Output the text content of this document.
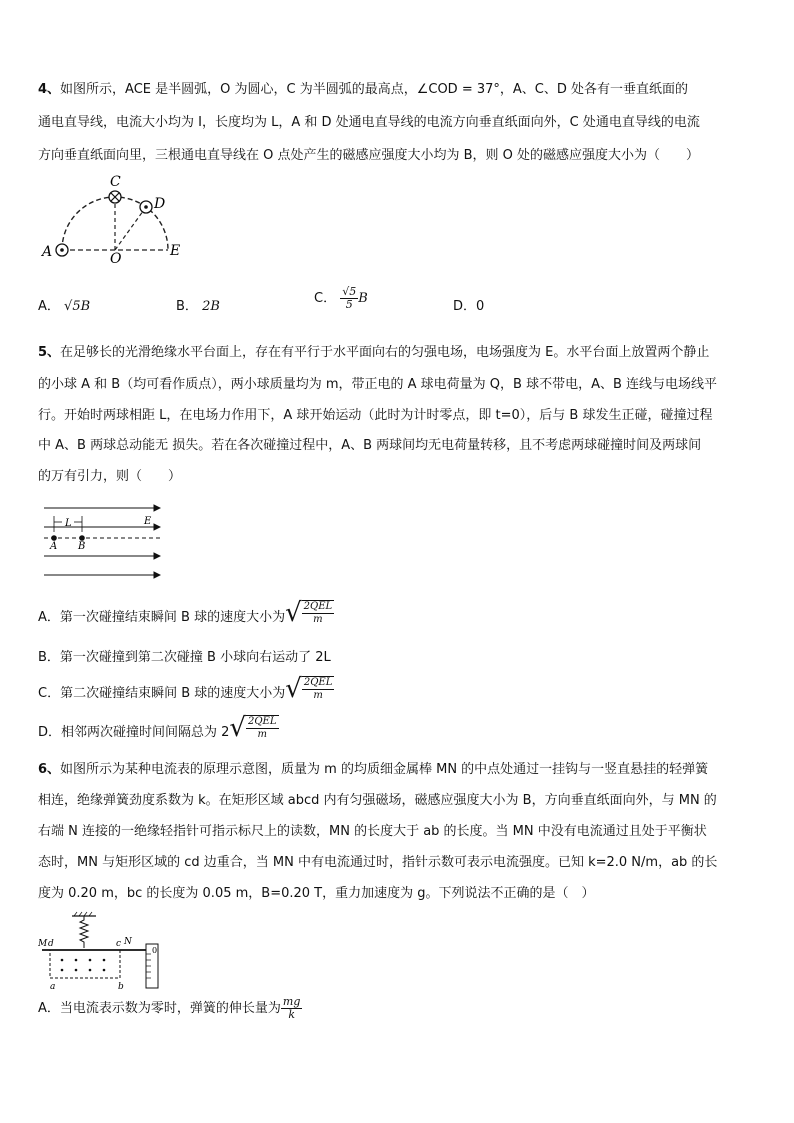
4、如图所示，ACE 是半圆弧，O 为圆心，C 为半圆弧的最高点，∠COD = 37°，A、C、D 处各有一垂直纸面的
通电直导线，电流大小均为 I，长度均为 L，A 和 D 处通电直导线的电流方向垂直纸面向外，C 处通电直导线的电流
方向垂直纸面向里，三根通电直导线在 O 点处产生的磁感应强度大小均为 B，则 O 处的磁感应强度大小为（　　）
C
D
A	O	E
A． √5B	B． 2B
C． $\frac{√5}{5}$ B
D．0
5、在足够长的光滑绝缘水平台面上，存在有平行于水平面向右的匀强电场，电场强度为 E。水平台面上放置两个静止
的小球 A 和 B（均可看作质点），两小球质量均为 m，带正电的 A 球电荷量为 Q，B 球不带电，A、B 连线与电场线平
行。开始时两球相距 L，在电场力作用下，A 球开始运动（此时为计时零点，即 t=0），后与 B 球发生正碰，碰撞过程
中 A、B 两球总动能无 损失。若在各次碰撞过程中，A、B 两球间均无电荷量转移，且不考虑两球碰撞时间及两球间
的万有引力，则（　　）
L	E
A B
A．第一次碰撞结束瞬间 B 球的速度大小为 √ $\frac{\text{2QEL}}{m}$
B．第一次碰撞到第二次碰撞 B 小球向右运动了 2L
C．第二次碰撞结束瞬间 B 球的速度大小为 √ $\frac{\text{2QEL}}{m}$
D．相邻两次碰撞时间间隔总为 2 √ $\frac{\text{2QEL}}{m}$
6、如图所示为某种电流表的原理示意图，质量为 m 的均质细金属棒 MN 的中点处通过一挂钩与一竖直悬挂的轻弹簧
相连，绝缘弹簧劲度系数为 k。在矩形区域 abcd 内有匀强磁场，磁感应强度大小为 B，方向垂直纸面向外，与 MN 的
右端 N 连接的一绝缘轻指针可指示标尺上的读数，MN 的长度大于 ab 的长度。当 MN 中没有电流通过且处于平衡状
态时，MN 与矩形区域的 cd 边重合，当 MN 中有电流通过时，指针示数可表示电流强度。已知 k=2.0 N/m，ab 的长
度为 0.20 m，bc 的长度为 0.05 m，B=0.20 T，重力加速度为 g。下列说法不正确的是（　）
0
M d	c N
a	b
A．当电流表示数为零时，弹簧的伸长量为 $\frac{mg}{k}$
